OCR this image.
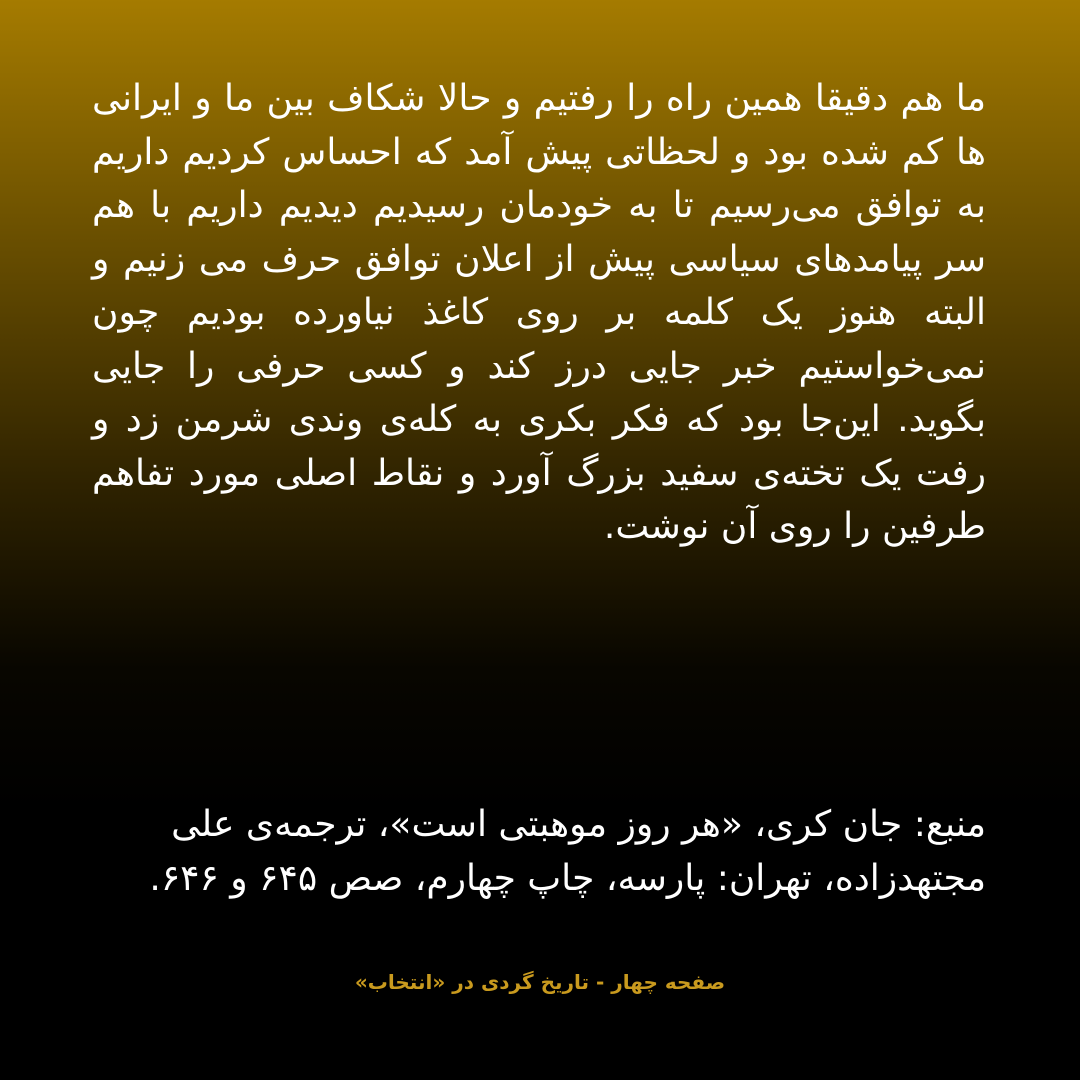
ما هم دقیقا همین راه را رفتیم و حالا شکاف بین ما و ایرانی ها کم شده بود و لحظاتی پیش آمد که احساس کردیم داریم به توافق می‌رسیم تا به خودمان رسیدیم دیدیم داریم با هم سر پیامدهای سیاسی پیش از اعلان توافق حرف می زنیم و البته هنوز یک کلمه بر روی کاغذ نیاورده بودیم چون نمی‌خواستیم خبر جایی درز کند و کسی حرفی را جایی بگوید. این‌جا بود که فکر بکری به کله‌ی وندی شرمن زد و رفت یک تخته‌ی سفید بزرگ آورد و نقاط اصلی مورد تفاهم طرفین را روی آن نوشت.

منبع: جان کری، «هر روز موهبتی است»، ترجمه‌ی علی مجتهدزاده، تهران: پارسه، چاپ چهارم، صص ۶۴۵ و ۶۴۶.

صفحه چهار - تاریخ گردی در «انتخاب»
